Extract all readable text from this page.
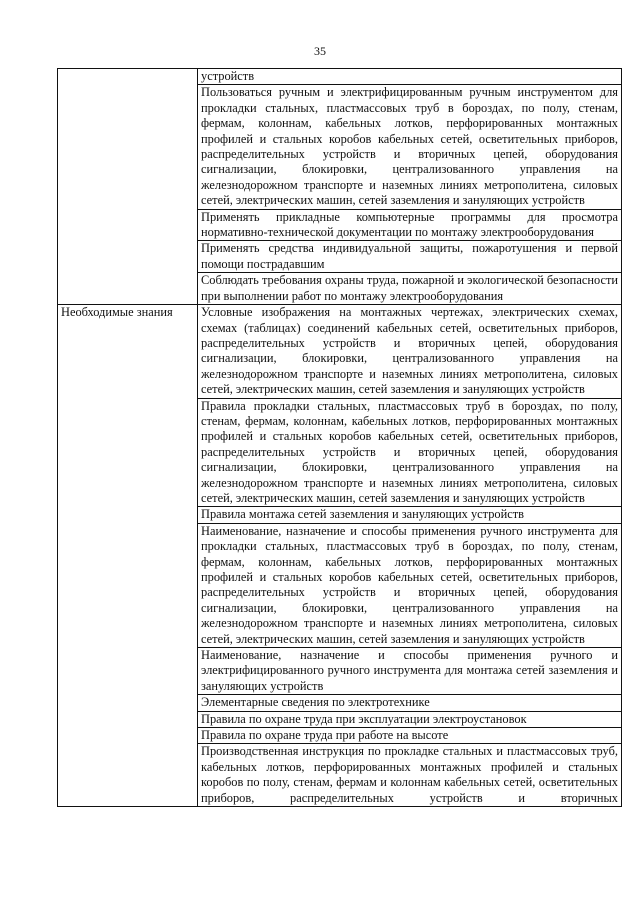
35
	устройств
	Пользоваться ручным и электрифицированным ручным инструментом для прокладки стальных, пластмассовых труб в бороздах, по полу, стенам, фермам, колоннам, кабельных лотков, перфорированных монтажных профилей и стальных коробов кабельных сетей, осветительных приборов, распределительных устройств и вторичных цепей, оборудования сигнализации, блокировки, централизованного управления на железнодорожном транспорте и наземных линиях метрополитена, силовых сетей, электрических машин, сетей заземления и зануляющих устройств
	Применять прикладные компьютерные программы для просмотра нормативно-технической документации по монтажу электрооборудования
	Применять средства индивидуальной защиты, пожаротушения и первой помощи пострадавшим
	Соблюдать требования охраны труда, пожарной и экологической безопасности при выполнении работ по монтажу электрооборудования
Необходимые знания	Условные изображения на монтажных чертежах, электрических схемах, схемах (таблицах) соединений кабельных сетей, осветительных приборов, распределительных устройств и вторичных цепей, оборудования сигнализации, блокировки, централизованного управления на железнодорожном транспорте и наземных линиях метрополитена, силовых сетей, электрических машин, сетей заземления и зануляющих устройств
	Правила прокладки стальных, пластмассовых труб в бороздах, по полу, стенам, фермам, колоннам, кабельных лотков, перфорированных монтажных профилей и стальных коробов кабельных сетей, осветительных приборов, распределительных устройств и вторичных цепей, оборудования сигнализации, блокировки, централизованного управления на железнодорожном транспорте и наземных линиях метрополитена, силовых сетей, электрических машин, сетей заземления и зануляющих устройств
	Правила монтажа сетей заземления и зануляющих устройств
	Наименование, назначение и способы применения ручного инструмента для прокладки стальных, пластмассовых труб в бороздах, по полу, стенам, фермам, колоннам, кабельных лотков, перфорированных монтажных профилей и стальных коробов кабельных сетей, осветительных приборов, распределительных устройств и вторичных цепей, оборудования сигнализации, блокировки, централизованного управления на железнодорожном транспорте и наземных линиях метрополитена, силовых сетей, электрических машин, сетей заземления и зануляющих устройств
	Наименование, назначение и способы применения ручного и электрифицированного ручного инструмента для монтажа сетей заземления и зануляющих устройств
	Элементарные сведения по электротехнике
	Правила по охране труда при эксплуатации электроустановок
	Правила по охране труда при работе на высоте
	Производственная инструкция по прокладке стальных и пластмассовых труб, кабельных лотков, перфорированных монтажных профилей и стальных коробов по полу, стенам, фермам и колоннам кабельных сетей, осветительных приборов, распределительных устройств и вторичных
